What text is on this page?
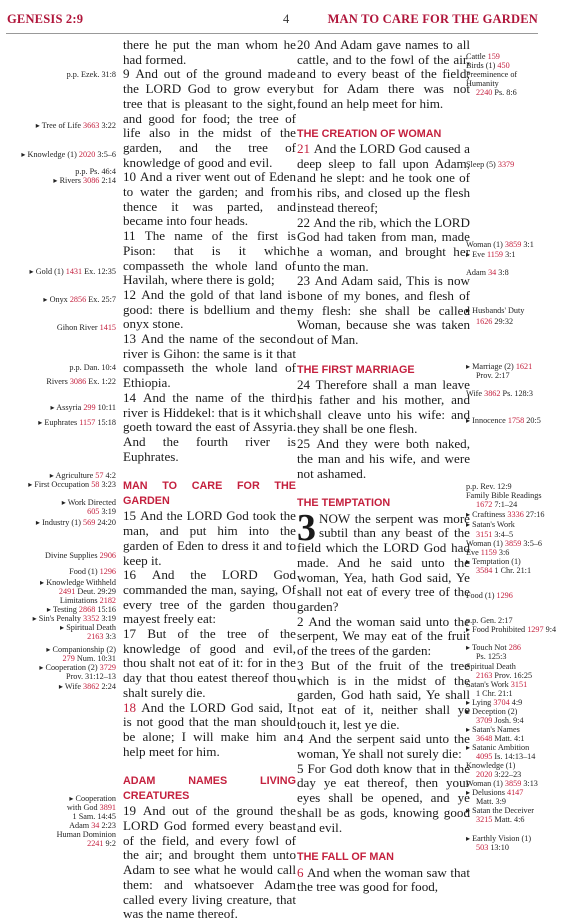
GENESIS 2:9	4	MAN TO CARE FOR THE GARDEN

there he put the man whom he had formed.

9 And out of the ground made the LORD God to grow every tree that is pleasant to the sight, and good for food; the tree of life also in the midst of the garden, and the tree of knowledge of good and evil.

10 And a river went out of Eden to water the garden; and from thence it was parted, and became into four heads.

11 The name of the first is Pison: that is it which compasseth the whole land of Havilah, where there is gold;

12 And the gold of that land is good: there is bdellium and the onyx stone.

13 And the name of the second river is Gihon: the same is it that compasseth the whole land of Ethiopia.

14 And the name of the third river is Hiddekel: that is it which goeth toward the east of Assyria. And the fourth river is Euphrates.

MAN TO CARE FOR THE GARDEN

15 And the LORD God took the man, and put him into the garden of Eden to dress it and to keep it.

16 And the LORD God commanded the man, saying, Of every tree of the garden thou mayest freely eat:

17 But of the tree of the knowledge of good and evil, thou shalt not eat of it: for in the day that thou eatest thereof thou shalt surely die.

18 And the LORD God said, It is not good that the man should be alone; I will make him an help meet for him.

ADAM NAMES LIVING CREATURES

19 And out of the ground the LORD God formed every beast of the field, and every fowl of the air; and brought them unto Adam to see what he would call them: and whatsoever Adam called every living creature, that was the name thereof.

20 And Adam gave names to all cattle, and to the fowl of the air, and to every beast of the field; but for Adam there was not found an help meet for him.

THE CREATION OF WOMAN

21 And the LORD God caused a deep sleep to fall upon Adam, and he slept: and he took one of his ribs, and closed up the flesh instead thereof;

22 And the rib, which the LORD God had taken from man, made he a woman, and brought her unto the man.

23 And Adam said, This is now bone of my bones, and flesh of my flesh: she shall be called Woman, because she was taken out of Man.

THE FIRST MARRIAGE

24 Therefore shall a man leave his father and his mother, and shall cleave unto his wife: and they shall be one flesh.

25 And they were both naked, the man and his wife, and were not ashamed.

THE TEMPTATION

3 NOW the serpent was more subtil than any beast of the field which the LORD God had made. And he said unto the woman, Yea, hath God said, Ye shall not eat of every tree of the garden?

2 And the woman said unto the serpent, We may eat of the fruit of the trees of the garden:

3 But of the fruit of the tree which is in the midst of the garden, God hath said, Ye shall not eat of it, neither shall ye touch it, lest ye die.

4 And the serpent said unto the woman, Ye shall not surely die:

5 For God doth know that in the day ye eat thereof, then your eyes shall be opened, and ye shall be as gods, knowing good and evil.

THE FALL OF MAN

6 And when the woman saw that the tree was good for food,

p.p. Ezek. 31:8
▸ Tree of Life 3663 3:22
▸ Knowledge (1) 2020 3:5–6
p.p. Ps. 46:4
▸ Rivers 3086 2:14
▸ Gold (1) 1431 Ex. 12:35
▸ Onyx 2856 Ex. 25:7
Gihon River 1415
p.p. Dan. 10:4
Rivers 3086 Ex. 1:22
▸ Assyria 299 10:11
▸ Euphrates 1157 15:18
▸ Agriculture 57 4:2
▸ First Occupation 58 3:23
▸ Work Directed
605 3:19
▸ Industry (1) 569 24:20
Divine Supplies 2906
Food (1) 1296
▸ Knowledge Withheld
2491 Deut. 29:29
Limitations 2182
▸ Testing 2868 15:16
▸ Sin's Penalty 3352 3:19
▸ Spiritual Death
2163 3:3
▸ Companionship (2)
279 Num. 10:31
▸ Cooperation (2) 3729
Prov. 31:12–13
▸ Wife 3862 2:24
▸ Cooperation
with God 3891
1 Sam. 14:45
Adam 34 2:23
Human Dominion
2241 9:2
Cattle 159
Birds (1) 450
Preeminence of
Humanity
2240 Ps. 8:6
Sleep (5) 3379
Woman (1) 3859 3:1
▸ Eve 1159 3:1
Adam 34 3:8
▸ Husbands' Duty
1626 29:32
▸ Marriage (2) 1621
Prov. 2:17
Wife 3862 Ps. 128:3
▸ Innocence 1758 20:5
p.p. Rev. 12:9
Family Bible Readings
1672 7:1–24
▸ Craftiness 3336 27:16
▸ Satan's Work
3151 3:4–5
Woman (1) 3859 3:5–6
Eve 1159 3:6
▸ Temptation (1)
3584 1 Chr. 21:1
Food (1) 1296
p.p. Gen. 2:17
▸ Food Prohibited 1297 9:4
▸ Touch Not 286
Ps. 125:3
Spiritual Death
2163 Prov. 16:25
Satan's Work 3151
1 Chr. 21:1
▸ Lying 3704 4:9
▸ Deception (2)
3709 Josh. 9:4
▸ Satan's Names
3648 Matt. 4:1
▸ Satanic Ambition
4095 Is. 14:13–14
Knowledge (1)
2020 3:22–23
Woman (1) 3859 3:13
▸ Delusions 4147
Matt. 3:9
▸ Satan the Deceiver
3215 Matt. 4:6
▸ Earthly Vision (1)
503 13:10
